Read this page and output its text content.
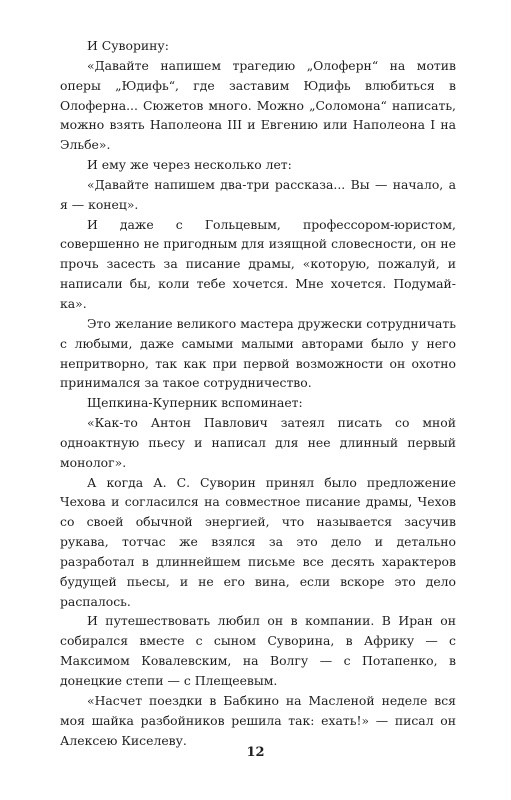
И Суворину:

«Давайте напишем трагедию „Олоферн“ на мотив оперы „Юдифь“, где заставим Юдифь влюбиться в Олоферна... Сюжетов много. Можно „Соломона“ написать, можно взять Наполеона III и Евгению или Наполеона I на Эльбе».

И ему же через несколько лет:

«Давайте напишем два-три рассказа... Вы — начало, а я — конец».

И даже с Гольцевым, профессором-юристом, совершенно не пригодным для изящной словесности, он не прочь засесть за писание драмы, «которую, пожалуй, и написали бы, коли тебе хочется. Мне хочется. Подумай-ка».

Это желание великого мастера дружески сотрудничать с любыми, даже самыми малыми авторами было у него непритворно, так как при первой возможности он охотно принимался за такое сотрудничество.

Щепкина-Куперник вспоминает:

«Как-то Антон Павлович затеял писать со мной одноактную пьесу и написал для нее длинный первый монолог».

А когда А. С. Суворин принял было предложение Чехова и согласился на совместное писание драмы, Чехов со своей обычной энергией, что называется засучив рукава, тотчас же взялся за это дело и детально разработал в длиннейшем письме все десять характеров будущей пьесы, и не его вина, если вскоре это дело распалось.

И путешествовать любил он в компании. В Иран он собирался вместе с сыном Суворина, в Африку — с Максимом Ковалевским, на Волгу — с Потапенко, в донецкие степи — с Плещеевым.

«Насчет поездки в Бабкино на Масленой неделе вся моя шайка разбойников решила так: ехать!» — писал он Алексею Киселеву.

12
